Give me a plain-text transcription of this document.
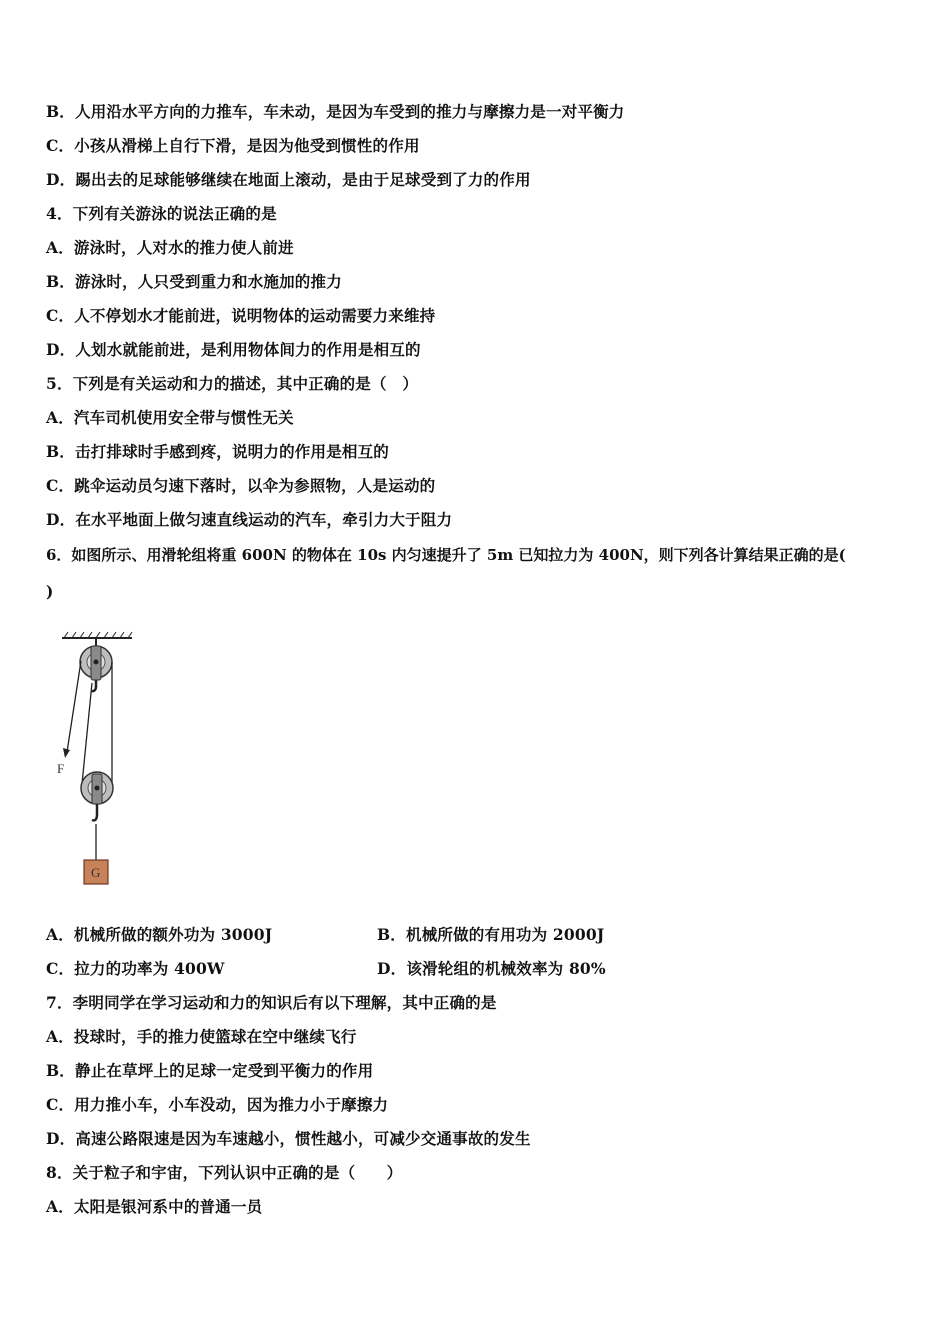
B．人用沿水平方向的力推车，车未动，是因为车受到的推力与摩擦力是一对平衡力
C．小孩从滑梯上自行下滑，是因为他受到惯性的作用
D．踢出去的足球能够继续在地面上滚动，是由于足球受到了力的作用
4．下列有关游泳的说法正确的是
A．游泳时，人对水的推力使人前进
B．游泳时，人只受到重力和水施加的推力
C．人不停划水才能前进，说明物体的运动需要力来维持
D．人划水就能前进，是利用物体间力的作用是相互的
5．下列是有关运动和力的描述，其中正确的是（　）
A．汽车司机使用安全带与惯性无关
B．击打排球时手感到疼，说明力的作用是相互的
C．跳伞运动员匀速下落时，以伞为参照物，人是运动的
D．在水平地面上做匀速直线运动的汽车，牵引力大于阻力
6．如图所示、用滑轮组将重 600N 的物体在 10s 内匀速提升了 5m 已知拉力为 400N，则下列各计算结果正确的是(
)
F
G
A．机械所做的额外功为 3000J	B．机械所做的有用功为 2000J
C．拉力的功率为 400W	D．该滑轮组的机械效率为 80%
7．李明同学在学习运动和力的知识后有以下理解，其中正确的是
A．投球时，手的推力使篮球在空中继续飞行
B．静止在草坪上的足球一定受到平衡力的作用
C．用力推小车，小车没动，因为推力小于摩擦力
D．高速公路限速是因为车速越小，惯性越小，可减少交通事故的发生
8．关于粒子和宇宙，下列认识中正确的是（　　）
A．太阳是银河系中的普通一员
